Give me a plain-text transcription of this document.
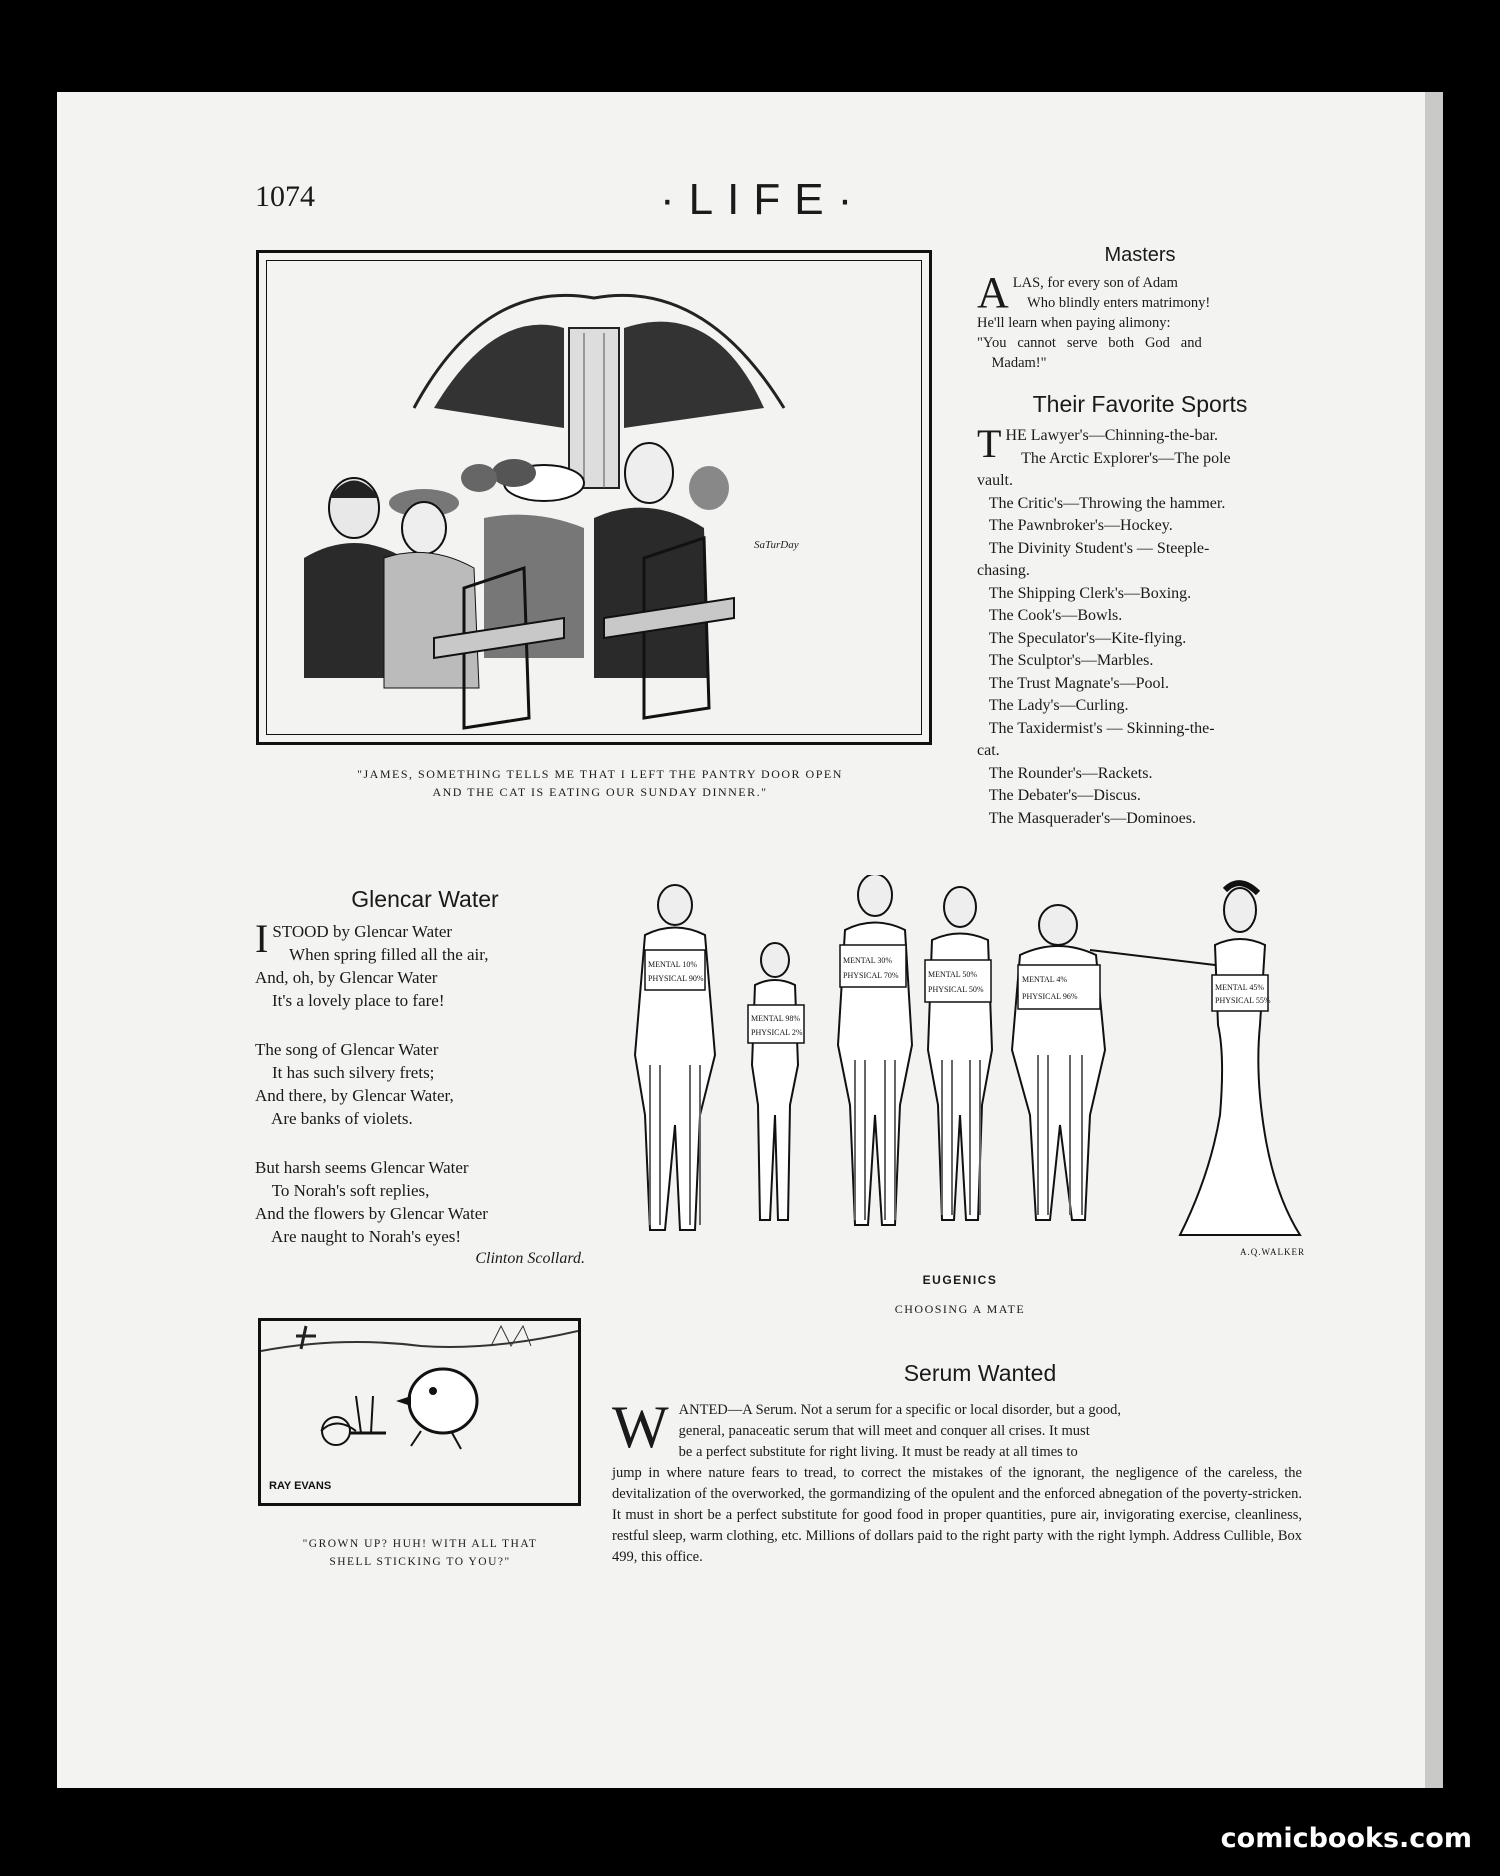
1074	·LIFE·
SaTurDay
"JAMES, SOMETHING TELLS ME THAT I LEFT THE PANTRY DOOR OPEN
AND THE CAT IS EATING OUR SUNDAY DINNER."
Masters
A LAS, for every son of Adam
Who blindly enters matrimony!
He'll learn when paying alimony:
"You   cannot   serve   both   God   and
Madam!"
Their Favorite Sports
T HE Lawyer's—Chinning-the-bar.
The Arctic Explorer's—The pole
vault.
The Critic's—Throwing the hammer.
The Pawnbroker's—Hockey.
The Divinity Student's — Steeple-
chasing.
The Shipping Clerk's—Boxing.
The Cook's—Bowls.
The Speculator's—Kite-flying.
The Sculptor's—Marbles.
The Trust Magnate's—Pool.
The Lady's—Curling.
The Taxidermist's — Skinning-the-
cat.
The Rounder's—Rackets.
The Debater's—Discus.
The Masquerader's—Dominoes.
Glencar Water
I STOOD by Glencar Water
When spring filled all the air,
And, oh, by Glencar Water
It's a lovely place to fare!
The song of Glencar Water
It has such silvery frets;
And there, by Glencar Water,
Are banks of violets.
But harsh seems Glencar Water
To Norah's soft replies,
And the flowers by Glencar Water
Are naught to Norah's eyes!
Clinton Scollard.
MENTAL 10%
PHYSICAL 90%
MENTAL 98%
PHYSICAL 2%
MENTAL 30%
PHYSICAL 70%	MENTAL 50%
PHYSICAL 50%
MENTAL 4%
PHYSICAL 96%
MENTAL 45%
PHYSICAL 55%
A.Q.WALKER
EUGENICS
CHOOSING A MATE
RAY EVANS
"GROWN UP? HUH! WITH ALL THAT
SHELL STICKING TO YOU?"
Serum Wanted
W ANTED—A Serum. Not a serum for a specific or local disorder, but a good,
general, panaceatic serum that will meet and conquer all crises. It must
be a perfect substitute for right living. It must be ready at all times to
jump in where nature fears to tread, to correct the mistakes of the ignorant, the negligence of the careless, the devitalization of the overworked, the gormandizing of the opulent and the enforced abnegation of the poverty-stricken. It must in short be a perfect substitute for good food in proper quantities, pure air, invigorating exercise, cleanliness, restful sleep, warm clothing, etc. Millions of dollars paid to the right party with the right lymph. Address Cullible, Box 499, this office.
comicbooks.com
